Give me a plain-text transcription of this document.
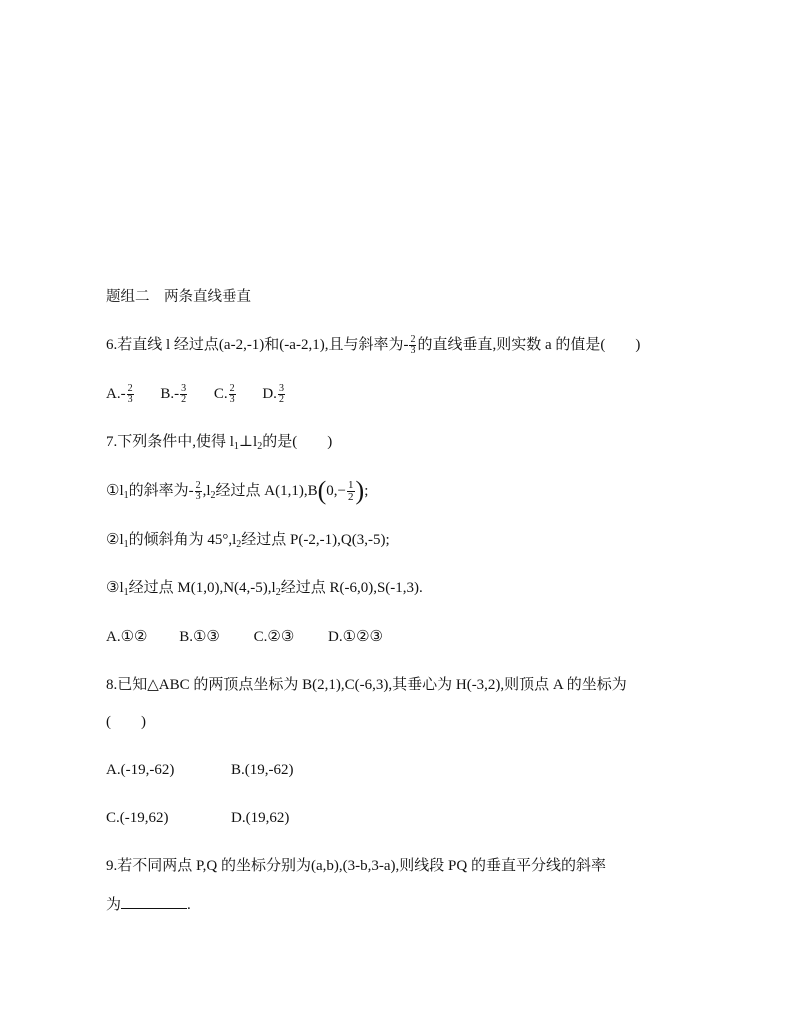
题组二　两条直线垂直
6.若直线 l 经过点(a-2,-1)和(-a-2,1),且与斜率为- $\frac{2}{3}$ 的直线垂直,则实数 a 的值是(　　)
$A.- \frac{2}{3} B.- \frac{3}{2} C$. $\frac{2}{3} D$. $\frac{3}{2}$
7.下列条件中,使得 $l_1\perp l_2$的是(　　)
$①l_1$的斜率为- $\frac{2}{3} ,l_2$经过点 $A(1,1),B(0,- \frac{1}{2}$ );
$②l_1$的倾斜角为 $45^\circ,l_2$经过点 P(-2,-1),Q(3,-5);
$③l_1$经过点 $M(1,0),N(4,-5),l_2$经过点 R(-6,0),S(-1,3).
A.①② B.①③ C.②③ D.①②③
8.已知△ABC 的两顶点坐标为 B(2,1),C(-6,3),其垂心为 H(-3,2),则顶点 A 的坐标为
(　　)
A.(-19,-62)	B.(19,-62)
C.(-19,62)	D.(19,62)
9.若不同两点 P,Q 的坐标分别为(a,b),(3-b,3-a),则线段 PQ 的垂直平分线的斜率
为	.
